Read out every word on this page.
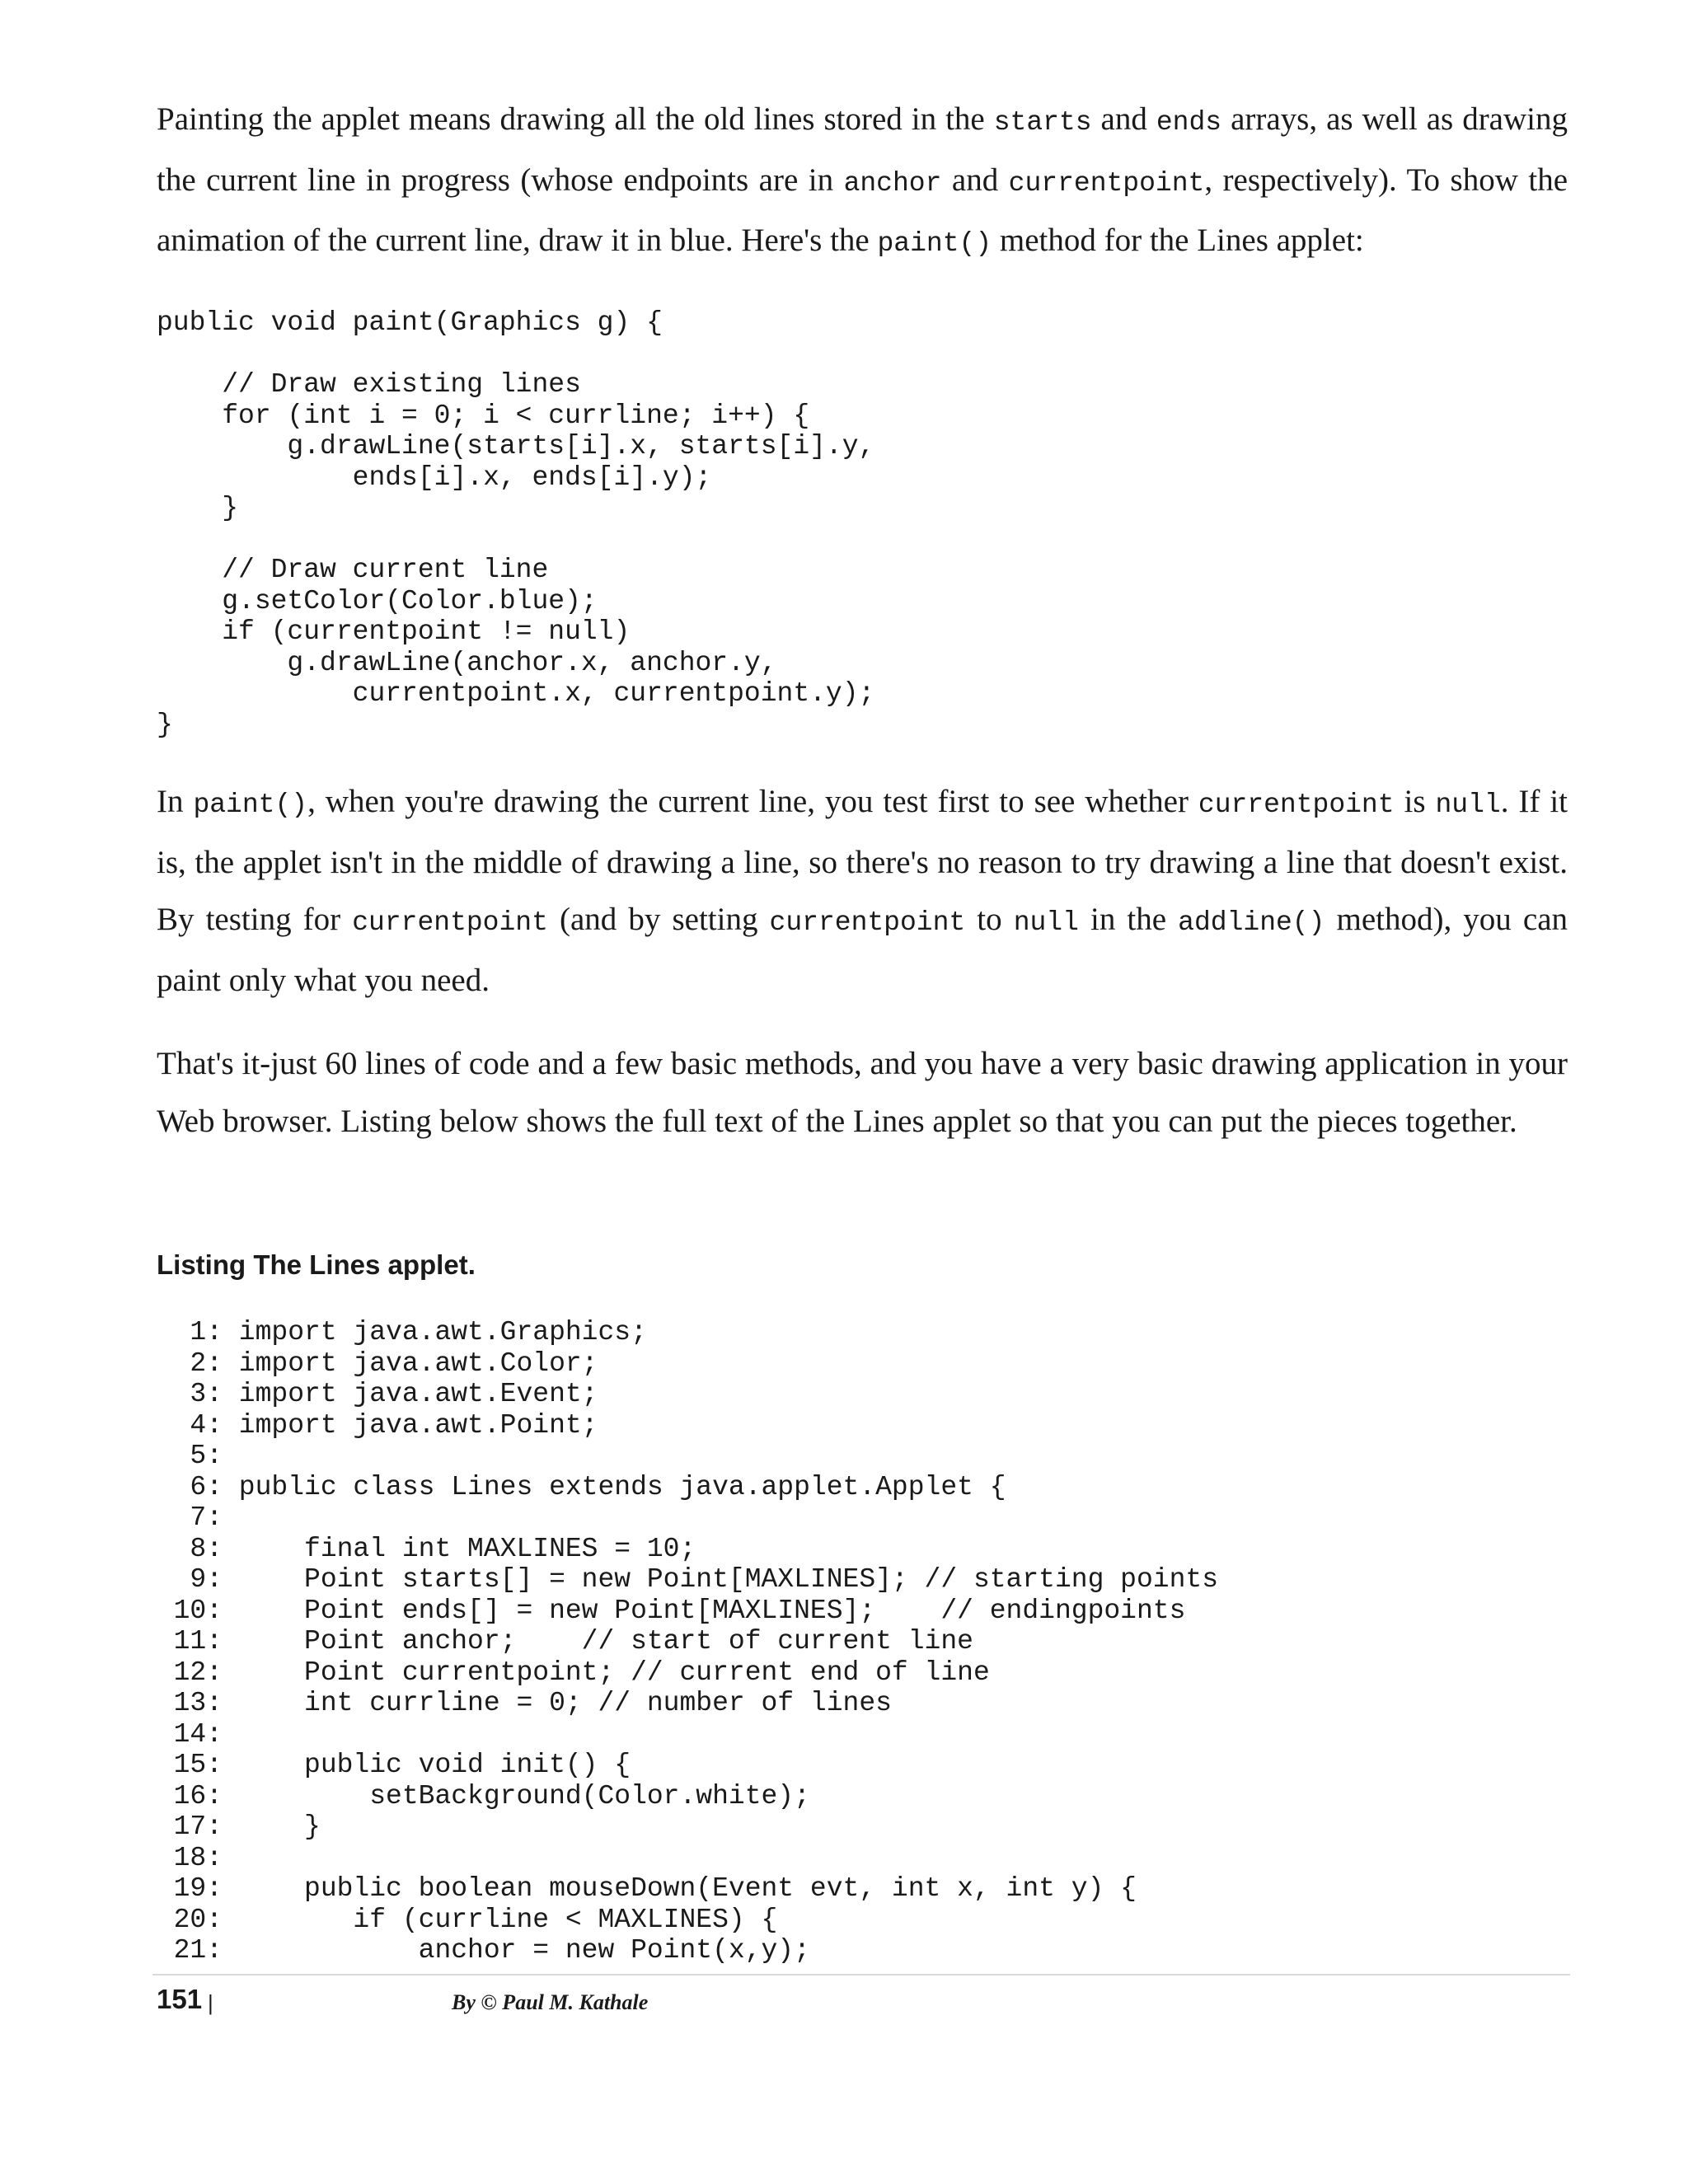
Painting the applet means drawing all the old lines stored in the starts and ends arrays, as well as drawing the current line in progress (whose endpoints are in anchor and currentpoint, respectively). To show the animation of the current line, draw it in blue. Here's the paint() method for the Lines applet:

public void paint(Graphics g) {
// Draw existing lines
for (int i = 0; i < currline; i++) {
g.drawLine(starts[i].x, starts[i].y,
ends[i].x, ends[i].y);
}
// Draw current line
g.setColor(Color.blue);
if (currentpoint != null)
g.drawLine(anchor.x, anchor.y,
currentpoint.x, currentpoint.y);
}

In paint(), when you're drawing the current line, you test first to see whether currentpoint is null. If it is, the applet isn't in the middle of drawing a line, so there's no reason to try drawing a line that doesn't exist. By testing for currentpoint (and by setting currentpoint to null in the addline() method), you can paint only what you need.

That's it-just 60 lines of code and a few basic methods, and you have a very basic drawing application in your Web browser. Listing below shows the full text of the Lines applet so that you can put the pieces together.

Listing The Lines applet.
1: import java.awt.Graphics;
2: import java.awt.Color;
3: import java.awt.Event;
4: import java.awt.Point;
5:
6: public class Lines extends java.applet.Applet {
7:
8:     final int MAXLINES = 10;
9:     Point starts[] = new Point[MAXLINES]; // starting points
10:     Point ends[] = new Point[MAXLINES];    // endingpoints
11:     Point anchor;    // start of current line
12:     Point currentpoint; // current end of line
13:     int currline = 0; // number of lines
14:
15:     public void init() {
16:         setBackground(Color.white);
17:     }
18:
19:     public boolean mouseDown(Event evt, int x, int y) {
20:        if (currline < MAXLINES) {
21:            anchor = new Point(x,y);
151 |	By © Paul M. Kathale
